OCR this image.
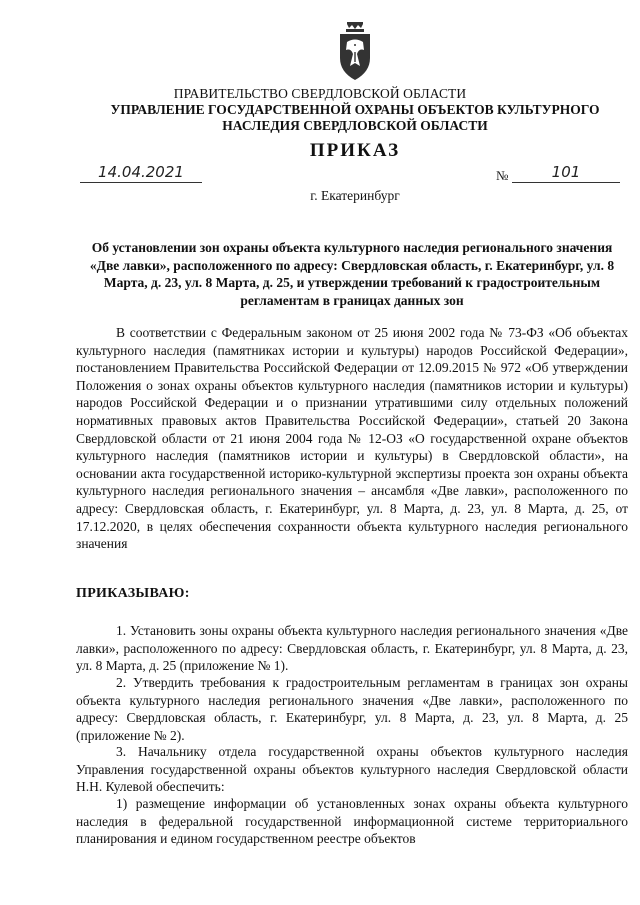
ПРАВИТЕЛЬСТВО СВЕРДЛОВСКОЙ ОБЛАСТИ
УПРАВЛЕНИЕ ГОСУДАРСТВЕННОЙ ОХРАНЫ ОБЪЕКТОВ КУЛЬТУРНОГО НАСЛЕДИЯ СВЕРДЛОВСКОЙ ОБЛАСТИ
ПРИКАЗ
14.04.2021	№	101
г. Екатеринбург
Об установлении зон охраны объекта культурного наследия регионального значения «Две лавки», расположенного по адресу: Свердловская область, г. Екатеринбург, ул. 8 Марта, д. 23, ул. 8 Марта, д. 25, и утверждении требований к градостроительным регламентам в границах данных зон

В соответствии с Федеральным законом от 25 июня 2002 года № 73-ФЗ «Об объектах культурного наследия (памятниках истории и культуры) народов Российской Федерации», постановлением Правительства Российской Федерации от 12.09.2015 № 972 «Об утверждении Положения о зонах охраны объектов культурного наследия (памятников истории и культуры) народов Российской Федерации и о признании утратившими силу отдельных положений нормативных правовых актов Правительства Российской Федерации», статьей 20 Закона Свердловской области от 21 июня 2004 года № 12-ОЗ «О государственной охране объектов культурного наследия (памятников истории и культуры) в Свердловской области», на основании акта государственной историко-культурной экспертизы проекта зон охраны объекта культурного наследия регионального значения – ансамбля «Две лавки», расположенного по адресу: Свердловская область, г. Екатеринбург, ул. 8 Марта, д. 23, ул. 8 Марта, д. 25, от 17.12.2020, в целях обеспечения сохранности объекта культурного наследия регионального значения

ПРИКАЗЫВАЮ:

1. Установить зоны охраны объекта культурного наследия регионального значения «Две лавки», расположенного по адресу: Свердловская область, г. Екатеринбург, ул. 8 Марта, д. 23, ул. 8 Марта, д. 25 (приложение № 1).

2. Утвердить требования к градостроительным регламентам в границах зон охраны объекта культурного наследия регионального значения «Две лавки», расположенного по адресу: Свердловская область, г. Екатеринбург, ул. 8 Марта, д. 23, ул. 8 Марта, д. 25 (приложение № 2).

3. Начальнику отдела государственной охраны объектов культурного наследия Управления государственной охраны объектов культурного наследия Свердловской области Н.Н. Кулевой обеспечить:

1) размещение информации об установленных зонах охраны объекта культурного наследия в федеральной государственной информационной системе территориального планирования и едином государственном реестре объектов
